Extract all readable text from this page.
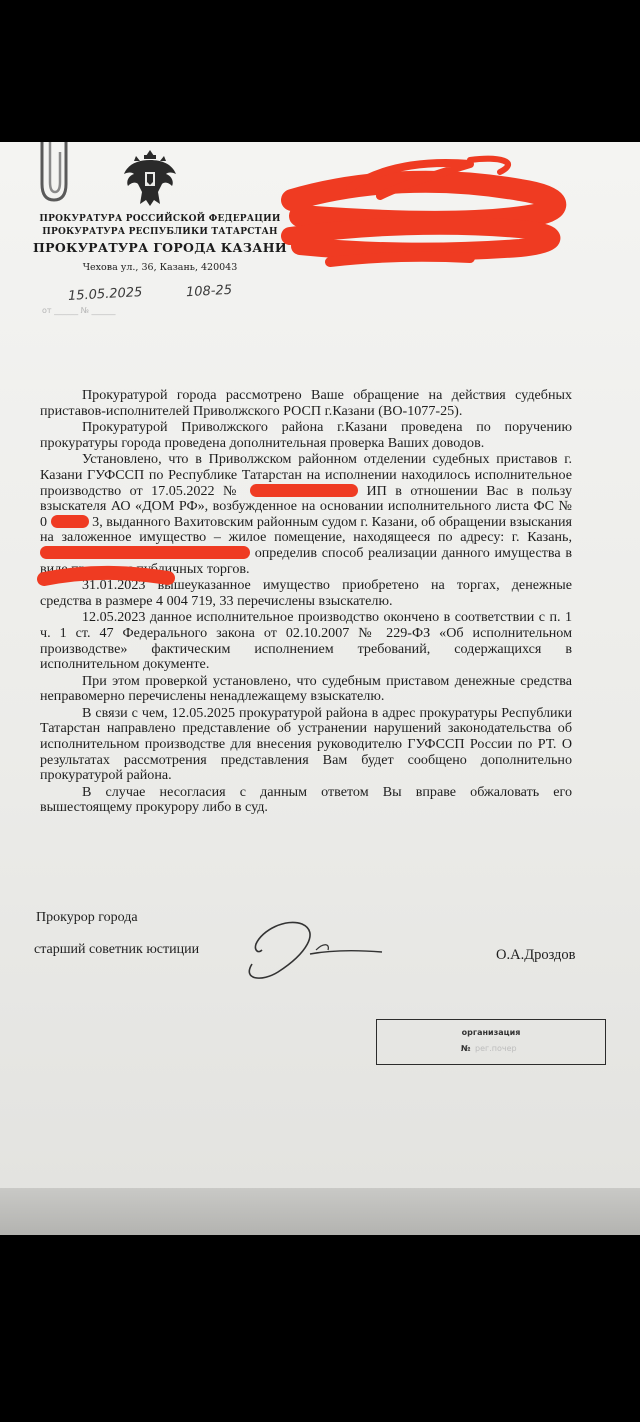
ПРОКУРАТУРА РОССИЙСКОЙ ФЕДЕРАЦИИ
ПРОКУРАТУРА РЕСПУБЛИКИ ТАТАРСТАН
ПРОКУРАТУРА ГОРОДА КАЗАНИ
Чехова ул., 36, Казань, 420043
15.05.2025	108-25
от ______ № ______

Прокуратурой города рассмотрено Ваше обращение на действия судебных приставов-исполнителей Приволжского РОСП г.Казани (ВО-1077-25).

Прокуратурой Приволжского района г.Казани проведена по поручению прокуратуры города проведена дополнительная проверка Ваших доводов.

Установлено, что в Приволжском районном отделении судебных приставов г. Казани ГУФССП по Республике Татарстан на исполнении находилось исполнительное производство от 17.05.2022 №	ИП в отношении Вас в пользу взыскателя АО «ДОМ РФ», возбужденное на основании исполнительного листа ФС № 0	3, выданного Вахитовским районным судом г. Казани, об обращении взыскания на заложенное имущество – жилое помещение, находящееся по адресу: г. Казань,  определив способ реализации данного имущества в виде продажи с публичных торгов.

31.01.2023 вышеуказанное имущество приобретено на торгах, денежные средства в размере 4 004 719, 33 перечислены взыскателю.

12.05.2023 данное исполнительное производство окончено в соответствии с п. 1 ч. 1 ст. 47 Федерального закона от 02.10.2007 № 229-ФЗ «Об исполнительном производстве» фактическим исполнением требований, содержащихся в исполнительном документе.

При этом проверкой установлено, что судебным приставом денежные средства неправомерно перечислены ненадлежащему взыскателю.

В связи с чем, 12.05.2025 прокуратурой района в адрес прокуратуры Республики Татарстан направлено представление об устранении нарушений законодательства об исполнительном производстве для внесения руководителю ГУФССП России по РТ. О результатах рассмотрения представления Вам будет сообщено дополнительно прокуратурой района.

В случае несогласия с данным ответом Вы вправе обжаловать его вышестоящему прокурору либо в суд.

Прокурор города
старший советник юстиции	О.А.Дроздов
организация
№ рег.почер
